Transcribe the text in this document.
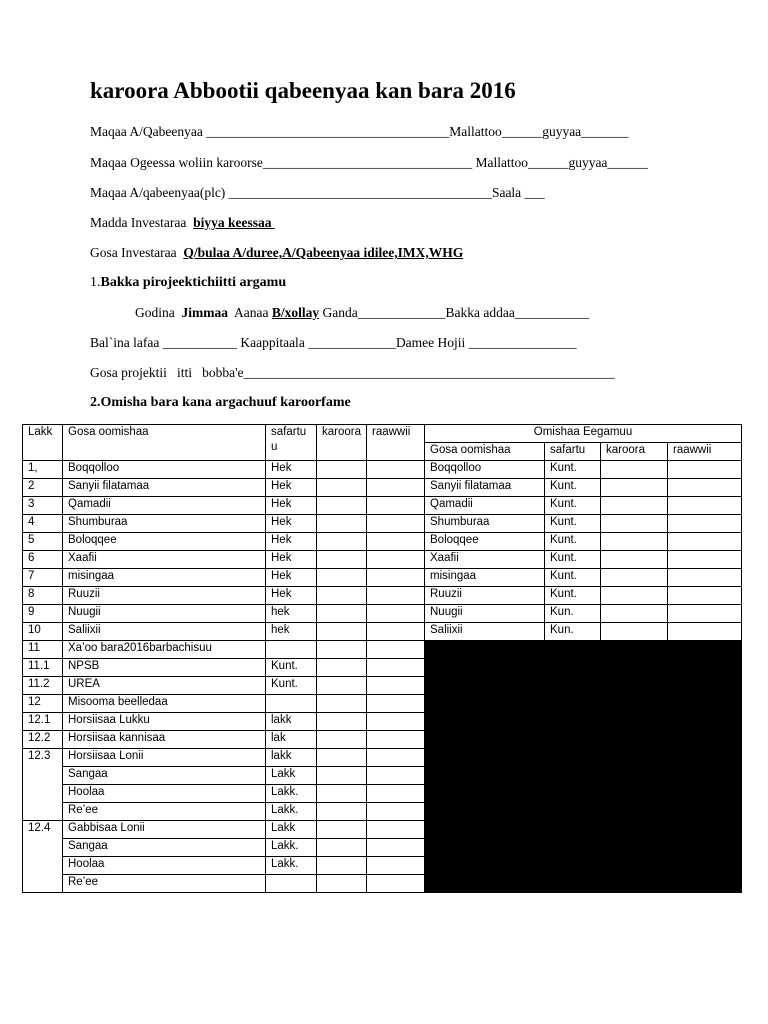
karoora Abbootii qabeenyaa kan bara 2016
Maqaa A/Qabeenyaa ____________________________________Mallattoo______guyyaa_______
Maqaa Ogeessa woliin karoorse_______________________________ Mallattoo______guyyaa______
Maqaa A/qabeenyaa(plc) _______________________________________Saala ___
Madda Investaraa  biyya keessaa
Gosa Investaraa  Q/bulaa A/duree,A/Qabeenyaa idilee,IMX,WHG
1.Bakka pirojeektichiitti argamu
Godina  Jimmaa  Aanaa B/xollay Ganda_____________Bakka addaa___________
Bal`ina lafaa ___________ Kaappitaala _____________Damee Hojii ________________
Gosa projektii   itti   bobba'e_______________________________________________________
2.Omisha bara kana argachuuf karoorfame
Lakk	Gosa oomishaa	safartuu	karoora	raawwii	Omishaa Eegamuu			
					Gosa oomishaa	safartu	karoora	raawwii
1,	Boqqolloo	Hek			Boqqolloo	Kunt.		
2	Sanyii filatamaa	Hek			Sanyii filatamaa	Kunt.		
3	Qamadii	Hek			Qamadii	Kunt.		
4	Shumburaa	Hek			Shumburaa	Kunt.		
5	Boloqqee	Hek			Boloqqee	Kunt.		
6	Xaafii	Hek			Xaafii	Kunt.		
7	misingaa	Hek			misingaa	Kunt.		
8	Ruuzii	Hek			Ruuzii	Kunt.		
9	Nuugii	hek			Nuugii	Kun.		
10	Saliixii	hek			Saliixii	Kun.		
11	Xa’oo bara2016barbachisuu							
11.1	NPSB	Kunt.						
11.2	UREA	Kunt.						
12	Misooma beelledaa							
12.1	Horsiisaa Lukku	lakk						
12.2	Horsiisaa kannisaa	lak						
12.3	Horsiisaa Lonii	lakk						
	Sangaa	Lakk						
	Hoolaa	Lakk.						
	Re’ee	Lakk.						
12.4	Gabbisaa Lonii	Lakk						
	Sangaa	Lakk.						
	Hoolaa	Lakk.						
	Re’ee							
